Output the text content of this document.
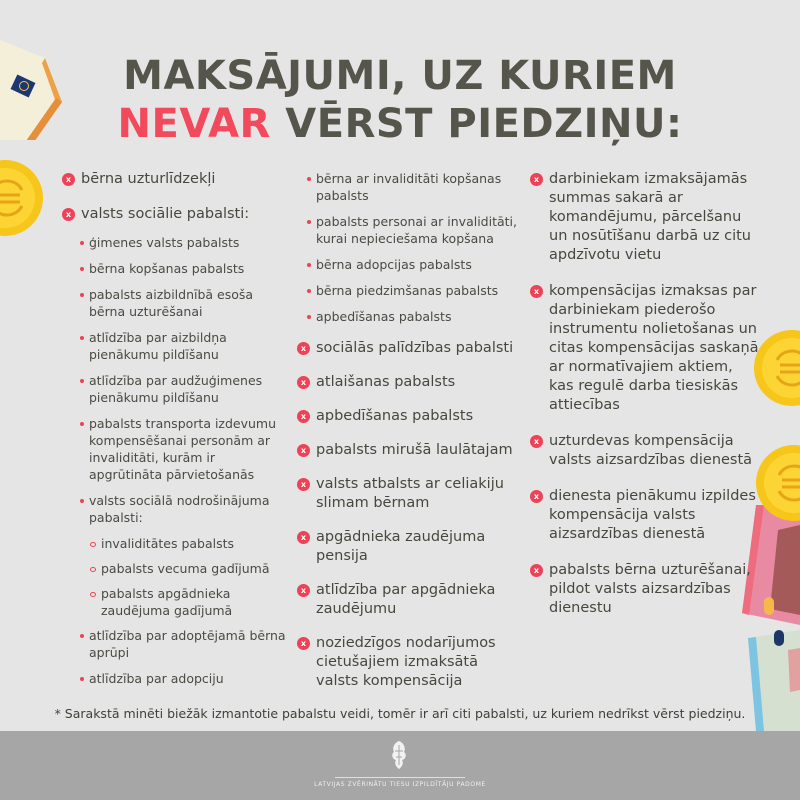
MAKSĀJUMI, UZ KURIEM
NEVAR VĒRST PIEDZIŅU:
x bērna uzturlīdzekļi
x valsts sociālie pabalsti:
ģimenes valsts pabalsts
bērna kopšanas pabalsts
pabalsts aizbildnībā esoša bērna uzturēšanai
atlīdzība par aizbildņa pienākumu pildīšanu
atlīdzība par audžuģimenes pienākumu pildīšanu
pabalsts transporta izdevumu kompensēšanai personām ar invaliditāti, kurām ir apgrūtināta pārvietošanās
valsts sociālā nodrošinājuma pabalsti:
invaliditātes pabalsts
pabalsts vecuma gadījumā
pabalsts apgādnieka zaudējuma gadījumā
atlīdzība par adoptējamā bērna aprūpi
atlīdzība par adopciju
bērna ar invaliditāti kopšanas pabalsts
pabalsts personai ar invaliditāti, kurai nepieciešama kopšana
bērna adopcijas pabalsts
bērna piedzimšanas pabalsts
apbedīšanas pabalsts
x sociālās palīdzības pabalsti
x atlaišanas pabalsts
x apbedīšanas pabalsts
x pabalsts mirušā laulātajam
x valsts atbalsts ar celiakiju slimam bērnam
x apgādnieka zaudējuma pensija
x atlīdzība par apgādnieka zaudējumu
x noziedzīgos nodarījumos cietušajiem izmaksātā valsts kompensācija
x darbiniekam izmaksājamās summas sakarā ar komandējumu, pārcelšanu un nosūtīšanu darbā uz citu apdzīvotu vietu
x kompensācijas izmaksas par darbiniekam piederošo instrumentu nolietošanas un citas kompensācijas saskaņā ar normatīvajiem aktiem, kas regulē darba tiesiskās attiecības
x uzturdevas kompensācija valsts aizsardzības dienestā
x dienesta pienākumu izpildes kompensācija valsts aizsardzības dienestā
x pabalsts bērna uzturēšanai, pildot valsts aizsardzības dienestu
* Sarakstā minēti biežāk izmantotie pabalstu veidi, tomēr ir arī citi pabalsti, uz kuriem nedrīkst vērst piedziņu.
LATVIJAS ZVĒRINĀTU TIESU IZPILDĪTĀJU PADOME
